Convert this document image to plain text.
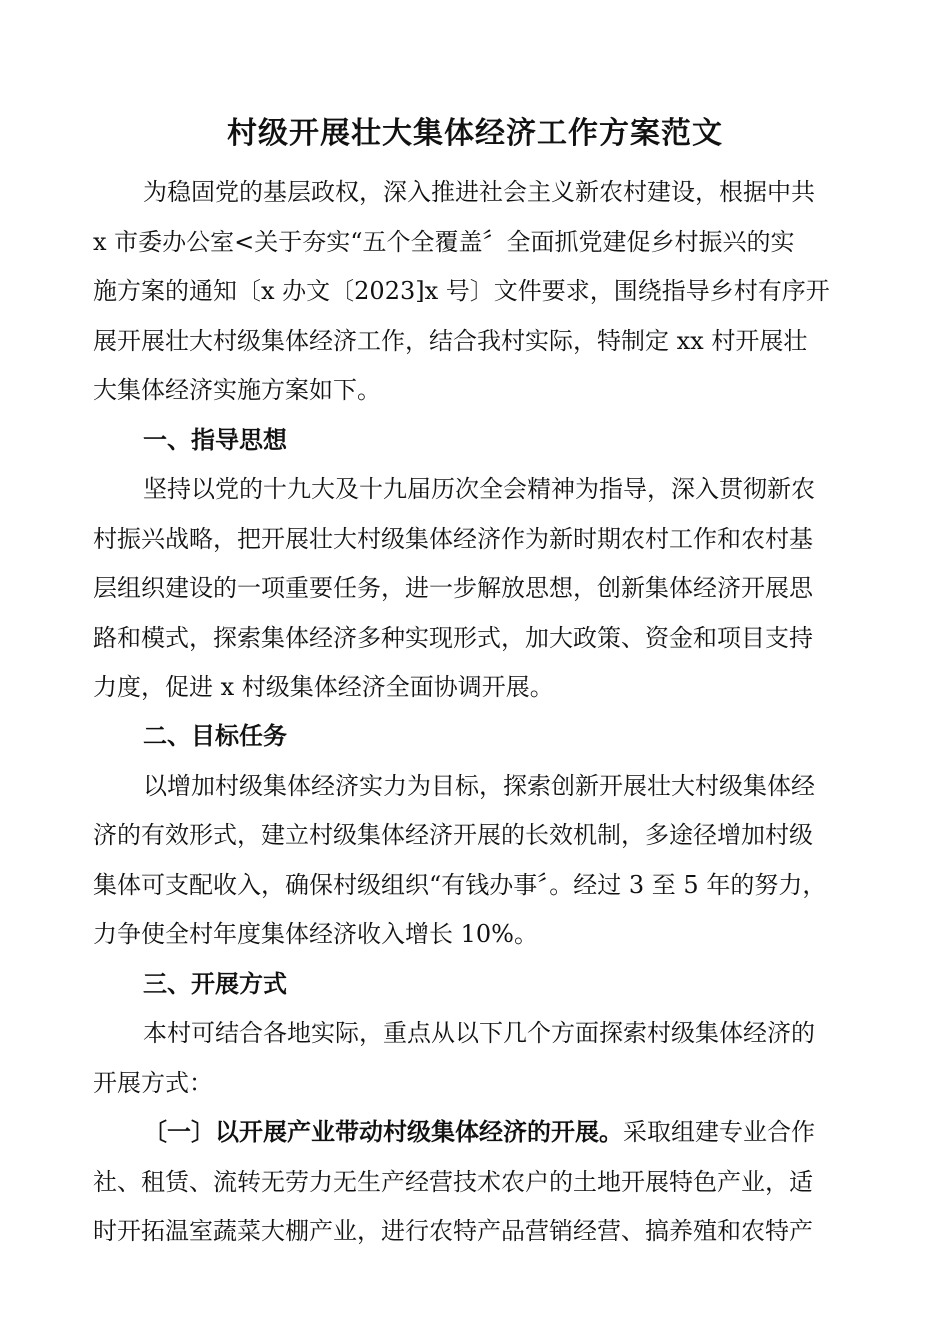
村级开展壮大集体经济工作方案范文

为稳固党的基层政权，深入推进社会主义新农村建设，根据中共

x 市委办公室<关于夯实“五个全覆盖〞全面抓党建促乡村振兴的实

施方案的通知〔x 办文〔2023]x 号〕文件要求，围绕指导乡村有序开

展开展壮大村级集体经济工作，结合我村实际，特制定 xx 村开展壮

大集体经济实施方案如下。

一、指导思想

坚持以党的十九大及十九届历次全会精神为指导，深入贯彻新农

村振兴战略，把开展壮大村级集体经济作为新时期农村工作和农村基

层组织建设的一项重要任务，进一步解放思想，创新集体经济开展思

路和模式，探索集体经济多种实现形式，加大政策、资金和项目支持

力度，促进 x 村级集体经济全面协调开展。

二、目标任务

以增加村级集体经济实力为目标，探索创新开展壮大村级集体经

济的有效形式，建立村级集体经济开展的长效机制，多途径增加村级

集体可支配收入，确保村级组织“有钱办事〞。经过 3 至 5 年的努力，

力争使全村年度集体经济收入增长 10%。

三、开展方式

本村可结合各地实际，重点从以下几个方面探索村级集体经济的

开展方式：

〔一〕以开展产业带动村级集体经济的开展。采取组建专业合作

社、租赁、流转无劳力无生产经营技术农户的土地开展特色产业，适

时开拓温室蔬菜大棚产业，进行农特产品营销经营、搞养殖和农特产
